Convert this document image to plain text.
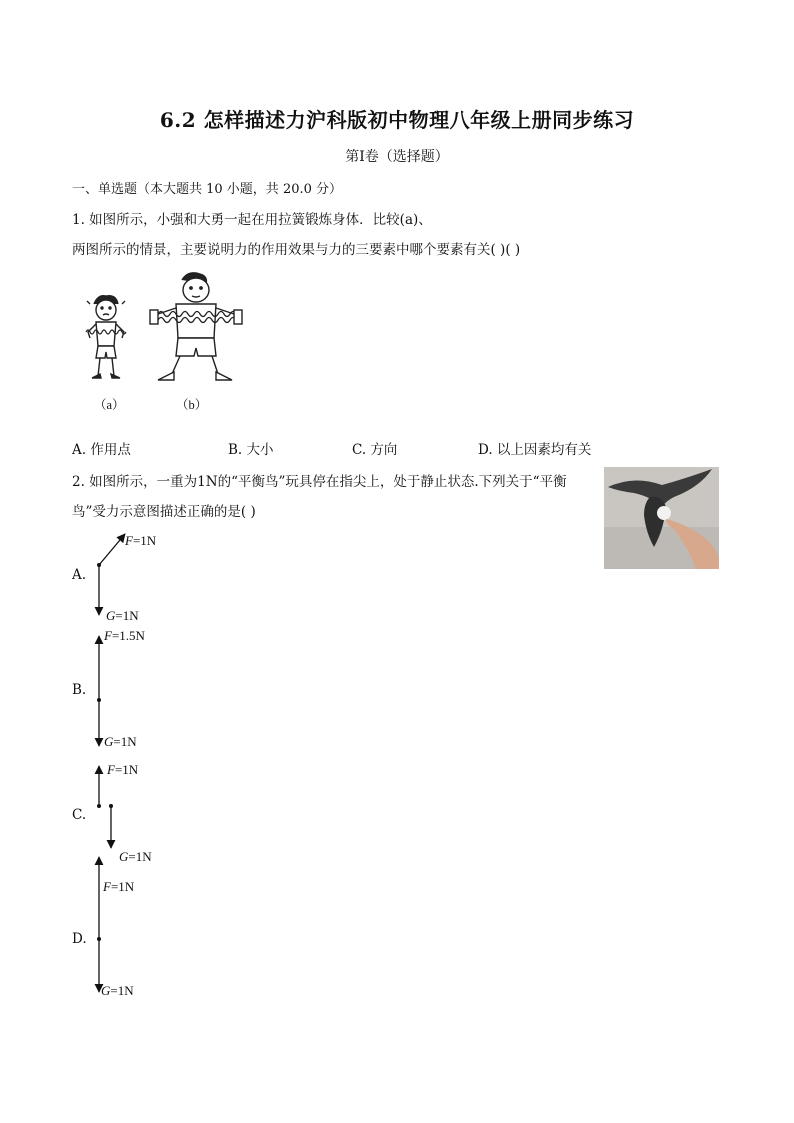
6.2 怎样描述力沪科版初中物理八年级上册同步练习
第I卷（选择题）
一、单选题（本大题共 10 小题，共 20.0 分）
1. 如图所示，小强和大勇一起在用拉簧锻炼身体．比较(a)、
两图所示的情景，主要说明力的作用效果与力的三要素中哪个要素有关( )( )
（a）	（b）
A. 作用点	B. 大小	C. 方向	D. 以上因素均有关
2. 如图所示，一重为1N的“平衡鸟”玩具停在指尖上，处于静止状态.下列关于“平衡
鸟”受力示意图描述正确的是( )
A.
B.
C.
D.
F=1N
G=1N
F=1.5N
G=1N
F=1N
G=1N
F=1N
G=1N
